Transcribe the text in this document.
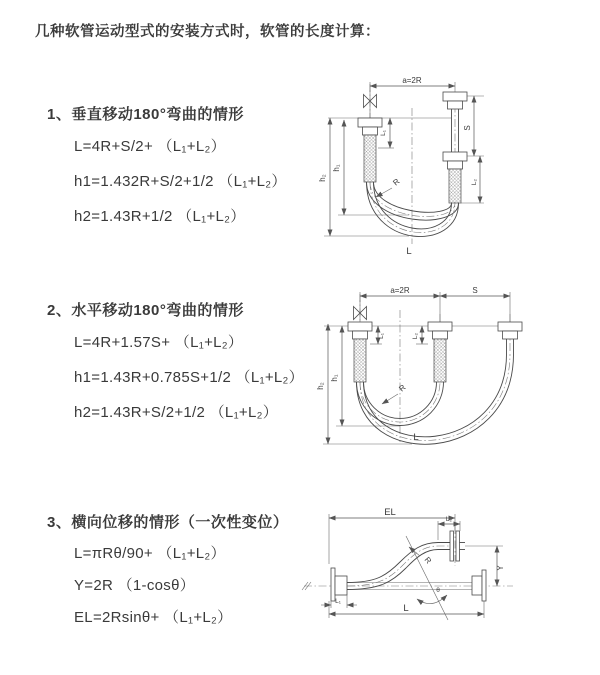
几种软管运动型式的安装方式时，软管的长度计算：

1、垂直移动180°弯曲的情形

L=4R+S/2+ （L₁+L₂）

h1=1.432R+S/2+1/2 （L₁+L₂）

h2=1.43R+1/2 （L₁+L₂）

2、水平移动180°弯曲的情形

L=4R+1.57S+ （L₁+L₂）

h1=1.43R+0.785S+1/2 （L₁+L₂）

h2=1.43R+S/2+1/2 （L₁+L₂）

3、横向位移的情形（一次性变位）

L=πRθ/90+ （L₁+L₂）

Y=2R （1-cosθ）

EL=2Rsinθ+ （L₁+L₂）

a=2R
h₂
h₁
L₁
S
L₂
R
L
a=2R	S
h₂
h₁
L₁	L₂
R
L
EL
L₂
Y
R
θ
L
L₁
